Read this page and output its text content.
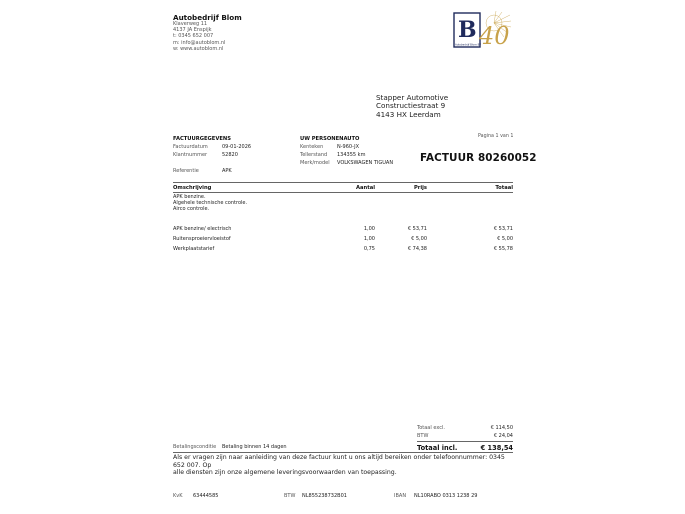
Autobedrijf Blom
Klaverweg 11
4137 JA Enspijk
t: 0345 652 007
m: info@autoblom.nl
w: www.autoblom.nl
B 40
Autobedrijf Blom BV
Stapper Automotive
Constructiestraat 9
4143 HX Leerdam
FACTUURGEGEVENS
Factuurdatum	09-01-2026
Klantnummer	52820
Referentie	APK
UW PERSONENAUTO
Kenteken	N-960-JX
Tellerstand 134355 km
Merk/model VOLKSWAGEN TIGUAN
Pagina 1 van 1
FACTUUR 80260052
Omschrijving	Aantal	Prijs	Totaal
APK benzine.
Algehele technische controle.
Airco controle.
APK benzine/ electrisch	1,00	€ 53,71	€ 53,71
Ruitensproeiervloeistof	1,00	€ 5,00	€ 5,00
Werkplaatstarief	0,75	€ 74,38	€ 55,78
Totaal excl.	€ 114,50
BTW	€ 24,04
Totaal incl.	€ 138,54
Betalingsconditie Betaling binnen 14 dagen
Als er vragen zijn naar aanleiding van deze factuur kunt u ons altijd bereiken onder telefoonnummer: 0345 652 007. Op
alle diensten zijn onze algemene leveringsvoorwaarden van toepassing.
KvK 63444585	BTW NL855238732B01	IBAN NL10RABO 0313 1238 29
